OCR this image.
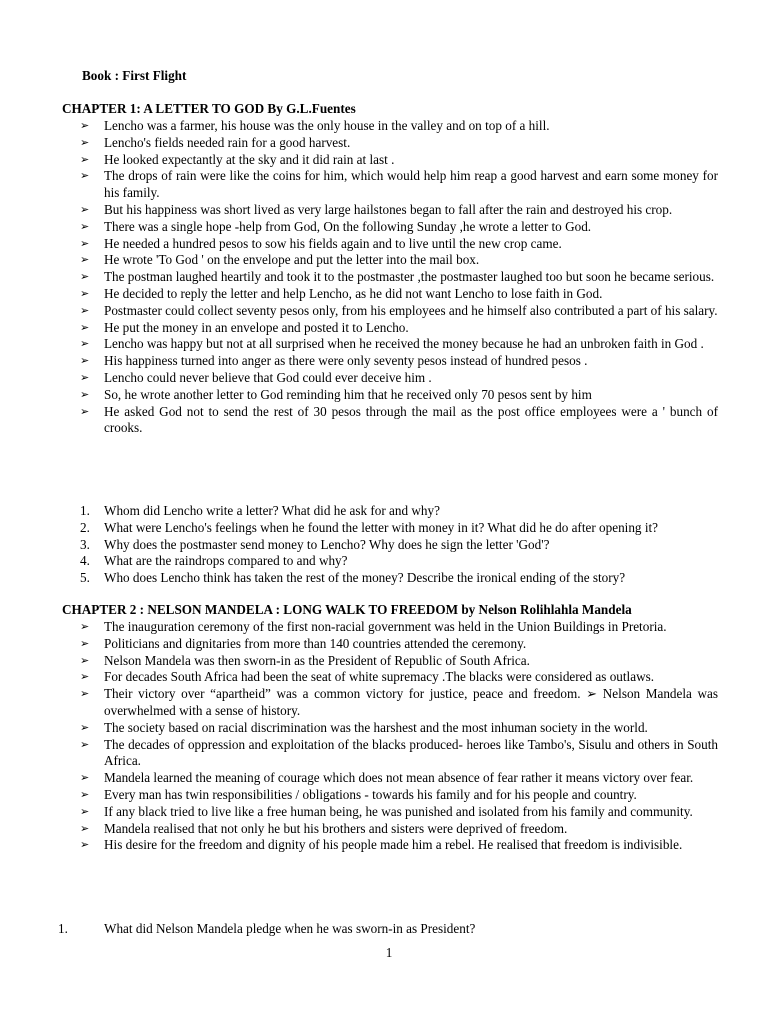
Book : First Flight
CHAPTER 1: A LETTER TO GOD By G.L.Fuentes
➢	Lencho was a farmer, his house was the only house in the valley and on top of a hill.
➢	Lencho's fields needed rain for a good harvest.
➢	He looked expectantly at the sky and it did rain at last .
➢	The drops of rain were like the coins for him, which would help him reap a good harvest and earn some money for his family.
➢	But his happiness was short lived as very large hailstones began to fall after the rain and destroyed his crop.
➢	There was a single hope -help from God, On the following Sunday ,he wrote a letter to God.
➢	He needed a hundred pesos to sow his fields again and to live until the new crop came.
➢	He wrote 'To God ' on the envelope and put the letter into the mail box.
➢	The postman laughed heartily and took it to the postmaster ,the postmaster laughed too but soon he became serious.
➢	He decided to reply the letter and help Lencho, as he did not want Lencho to lose faith in God.
➢	Postmaster could collect seventy pesos only, from his employees and he himself also contributed a part of his salary.
➢	He put the money in an envelope and posted it to Lencho.
➢	Lencho was happy but not at all surprised when he received the money because he had an unbroken faith in God .
➢	His happiness turned into anger as there were only seventy pesos instead of hundred pesos .
➢	Lencho could never believe that God could ever deceive him .
➢	So, he wrote another letter to God reminding him that he received only 70 pesos sent by him
➢	He asked God not to send the rest of 30 pesos through the mail as the post office employees were a ' bunch of crooks.
1.	Whom did Lencho write a letter? What did he ask for and why?
2.	What were Lencho's feelings when he found the letter with money in it? What did he do after opening it?
3.	Why does the postmaster send money to Lencho? Why does he sign the letter 'God'?
4.	What are the raindrops compared to and why?
5.	Who does Lencho think has taken the rest of the money? Describe the ironical ending of the story?
CHAPTER 2 : NELSON MANDELA : LONG WALK TO FREEDOM by Nelson Rolihlahla Mandela
➢	The inauguration ceremony of the first non-racial government was held in the Union Buildings in Pretoria.
➢	Politicians and dignitaries from more than 140 countries attended the ceremony.
➢	Nelson Mandela was then sworn-in as the President of Republic of South Africa.
➢	For decades South Africa had been the seat of white supremacy .The blacks were considered as outlaws.
➢	Their victory over “apartheid” was a common victory for justice, peace and freedom. ➢ Nelson Mandela was overwhelmed with a sense of history.
➢	The society based on racial discrimination was the harshest and the most inhuman society in the world.
➢	The decades of oppression and exploitation of the blacks produced- heroes like Tambo's, Sisulu and others in South Africa.
➢	Mandela learned the meaning of courage which does not mean absence of fear rather it means victory over fear.
➢	Every man has twin responsibilities / obligations - towards his family and for his people and country.
➢	If any black tried to live like a free human being, he was punished and isolated from his family and community.
➢	Mandela realised that not only he but his brothers and sisters were deprived of freedom.
➢	His desire for the freedom and dignity of his people made him a rebel. He realised that freedom is indivisible.
1.	What did Nelson Mandela pledge when he was sworn-in as President?
1
